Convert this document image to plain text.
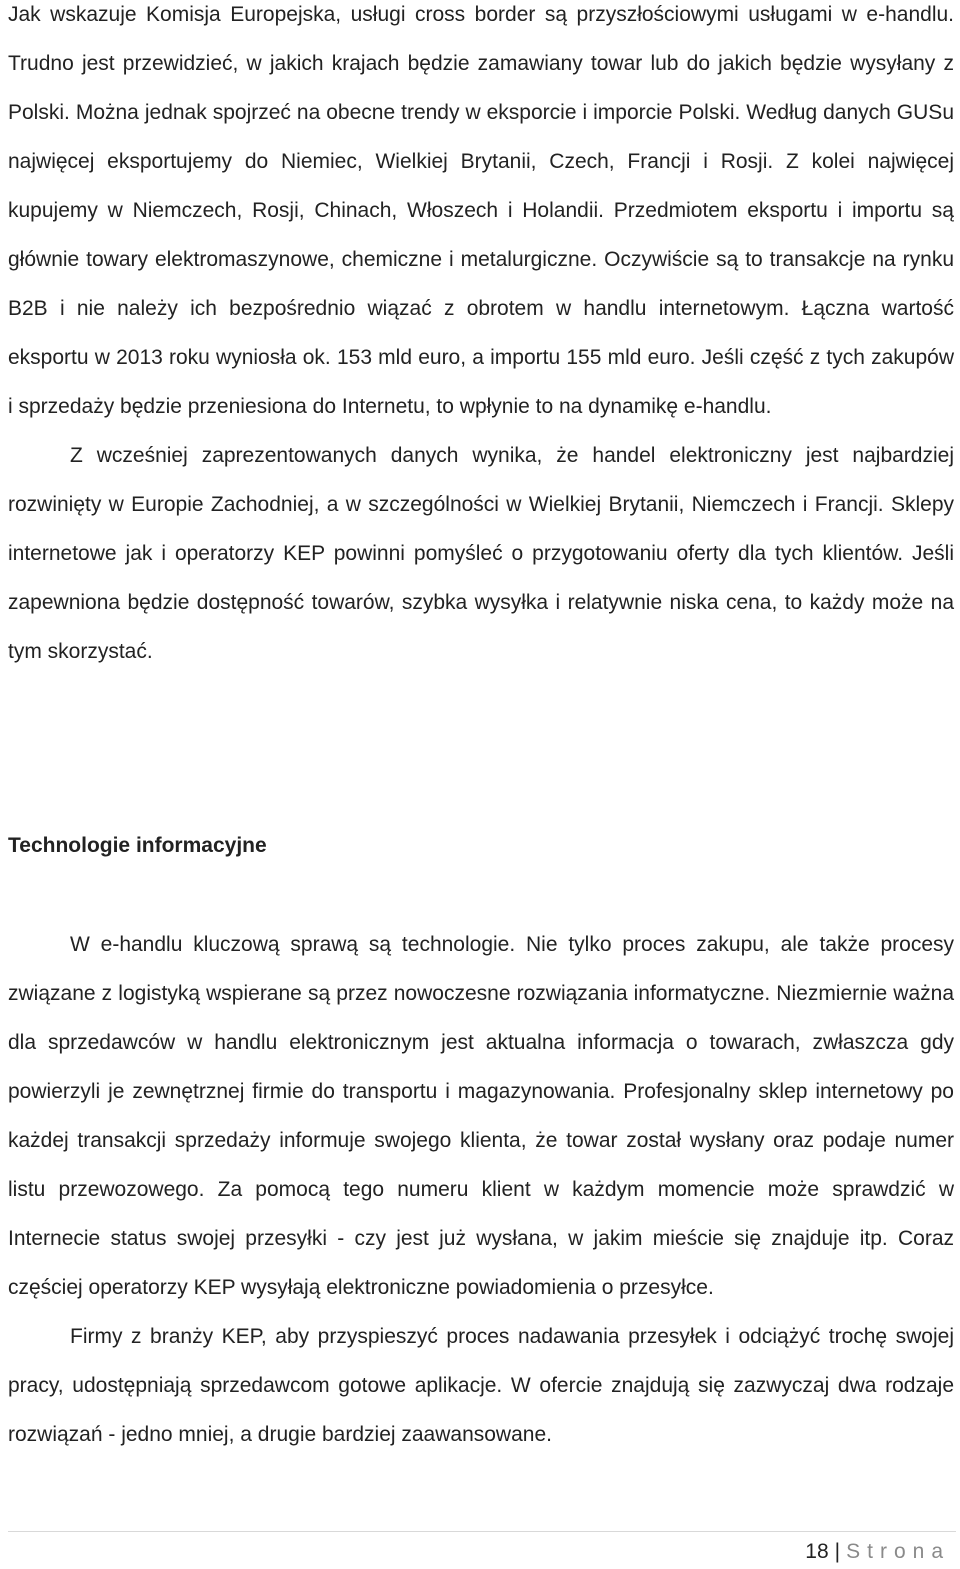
Jak wskazuje Komisja Europejska, usługi cross border są przyszłościowymi usługami w e-handlu. Trudno jest przewidzieć, w jakich krajach będzie zamawiany towar lub do jakich będzie wysyłany z Polski. Można jednak spojrzeć na obecne trendy w eksporcie i imporcie Polski. Według danych GUSu najwięcej eksportujemy do Niemiec, Wielkiej Brytanii, Czech, Francji i Rosji. Z kolei najwięcej kupujemy w Niemczech, Rosji, Chinach, Włoszech i Holandii. Przedmiotem eksportu i importu są głównie towary elektromaszynowe, chemiczne i metalurgiczne. Oczywiście są to transakcje na rynku B2B i nie należy ich bezpośrednio wiązać z obrotem w handlu internetowym. Łączna wartość eksportu w 2013 roku wyniosła ok. 153 mld euro, a importu 155 mld euro. Jeśli część z tych zakupów i sprzedaży będzie przeniesiona do Internetu, to wpłynie to na dynamikę e-handlu.

Z wcześniej zaprezentowanych danych wynika, że handel elektroniczny jest najbardziej rozwinięty w Europie Zachodniej, a w szczególności w Wielkiej Brytanii, Niemczech i Francji. Sklepy internetowe jak i operatorzy KEP powinni pomyśleć o przygotowaniu oferty dla tych klientów. Jeśli zapewniona będzie dostępność towarów, szybka wysyłka i relatywnie niska cena, to każdy może na tym skorzystać.

Technologie informacyjne

W e-handlu kluczową sprawą są technologie. Nie tylko proces zakupu, ale także procesy związane z logistyką wspierane są przez nowoczesne rozwiązania informatyczne. Niezmiernie ważna dla sprzedawców w handlu elektronicznym jest aktualna informacja o towarach, zwłaszcza gdy powierzyli je zewnętrznej firmie do transportu i magazynowania. Profesjonalny sklep internetowy po każdej transakcji sprzedaży informuje swojego klienta, że towar został wysłany oraz podaje numer listu przewozowego. Za pomocą tego numeru klient w każdym momencie może sprawdzić w Internecie status swojej przesyłki - czy jest już wysłana, w jakim mieście się znajduje itp. Coraz częściej operatorzy KEP wysyłają elektroniczne powiadomienia o przesyłce.

Firmy z branży KEP, aby przyspieszyć proces nadawania przesyłek i odciążyć trochę swojej pracy, udostępniają sprzedawcom gotowe aplikacje. W ofercie znajdują się zazwyczaj dwa rodzaje rozwiązań - jedno mniej, a drugie bardziej zaawansowane.

18 | Strona
